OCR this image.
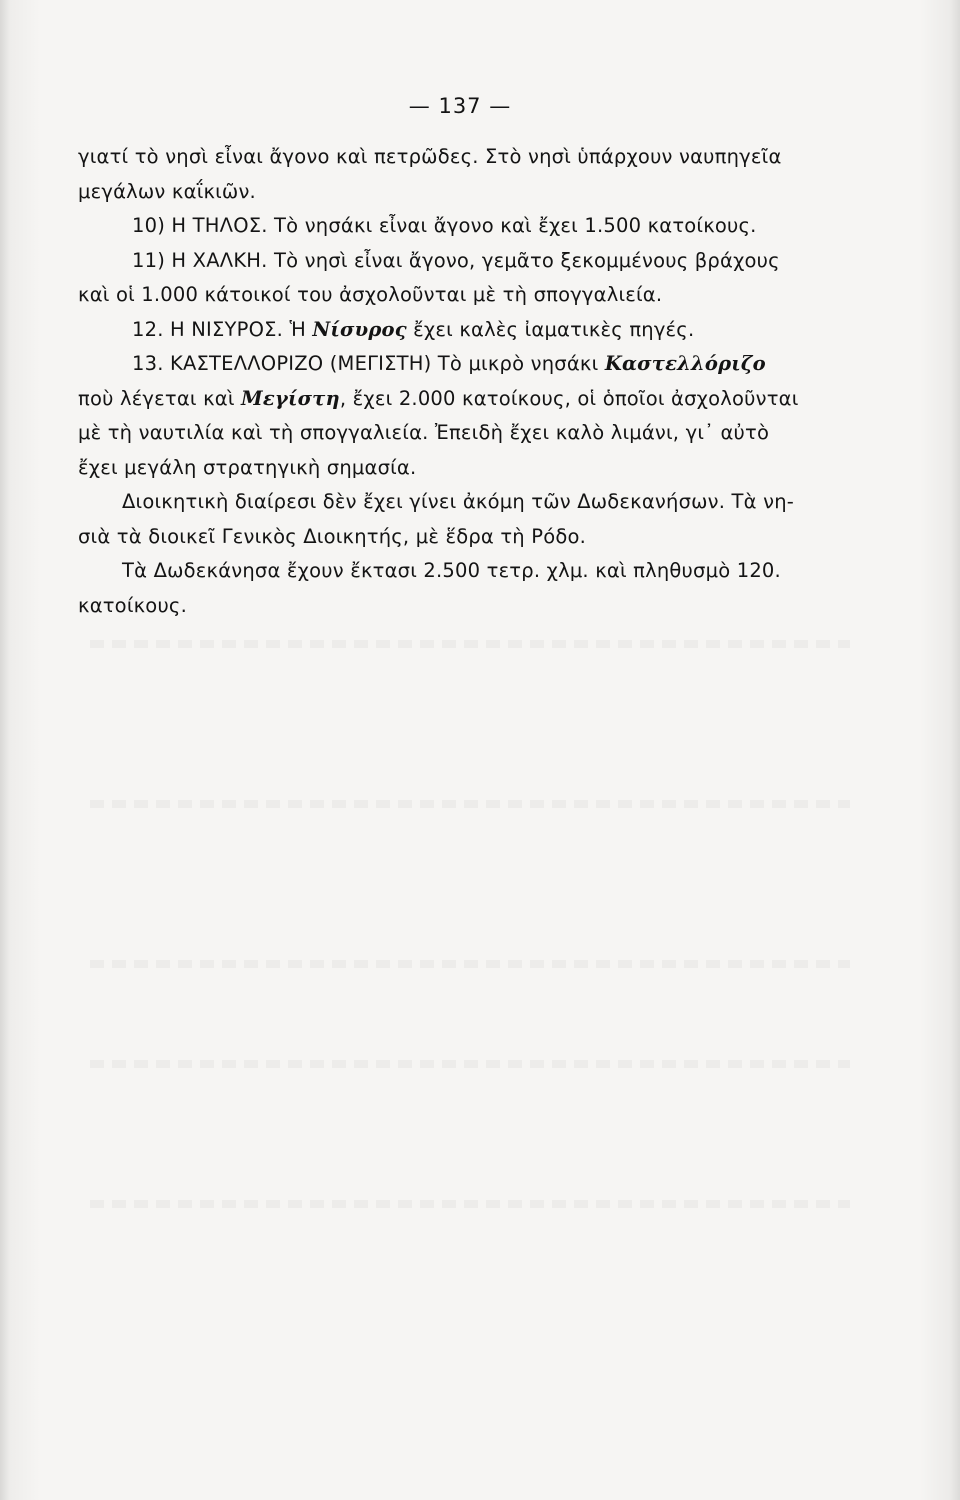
— 137 —
γιατί τὸ νησὶ εἶναι ἄγονο καὶ πετρῶδες. Στὸ νησὶ ὑπάρχουν ναυπηγεῖα
μεγάλων καΐκιῶν.
10) Η ΤΗΛΟΣ. Τὸ νησάκι εἶναι ἄγονο καὶ ἔχει 1.500 κατοίκους.
11) Η ΧΑΛΚΗ. Τὸ νησὶ εἶναι ἄγονο, γεμᾶτο ξεκομμένους βράχους
καὶ οἱ 1.000 κάτοικοί του ἀσχολοῦνται μὲ τὴ σπογγαλιεία.
12. Η ΝΙΣΥΡΟΣ. Ἡ Νίσυρος ἔχει καλὲς ἰαματικὲς πηγές.
13. ΚΑΣΤΕΛΛΟΡΙΖΟ (ΜΕΓΙΣΤΗ) Τὸ μικρὸ νησάκι Καστελλόριζο
ποὺ λέγεται καὶ Μεγίστη, ἔχει 2.000 κατοίκους, οἱ ὁποῖοι ἀσχολοῦνται
μὲ τὴ ναυτιλία καὶ τὴ σπογγαλιεία. Ἐπειδὴ ἔχει καλὸ λιμάνι, γι᾽ αὐτὸ
ἔχει μεγάλη στρατηγικὴ σημασία.
Διοικητικὴ διαίρεσι δὲν ἔχει γίνει ἀκόμη τῶν Δωδεκανήσων. Τὰ νη-
σιὰ τὰ διοικεῖ Γενικὸς Διοικητής, μὲ ἕδρα τὴ Ρόδο.
Τὰ Δωδεκάνησα ἔχουν ἔκτασι 2.500 τετρ. χλμ. καὶ πληθυσμὸ 120.
κατοίκους.
